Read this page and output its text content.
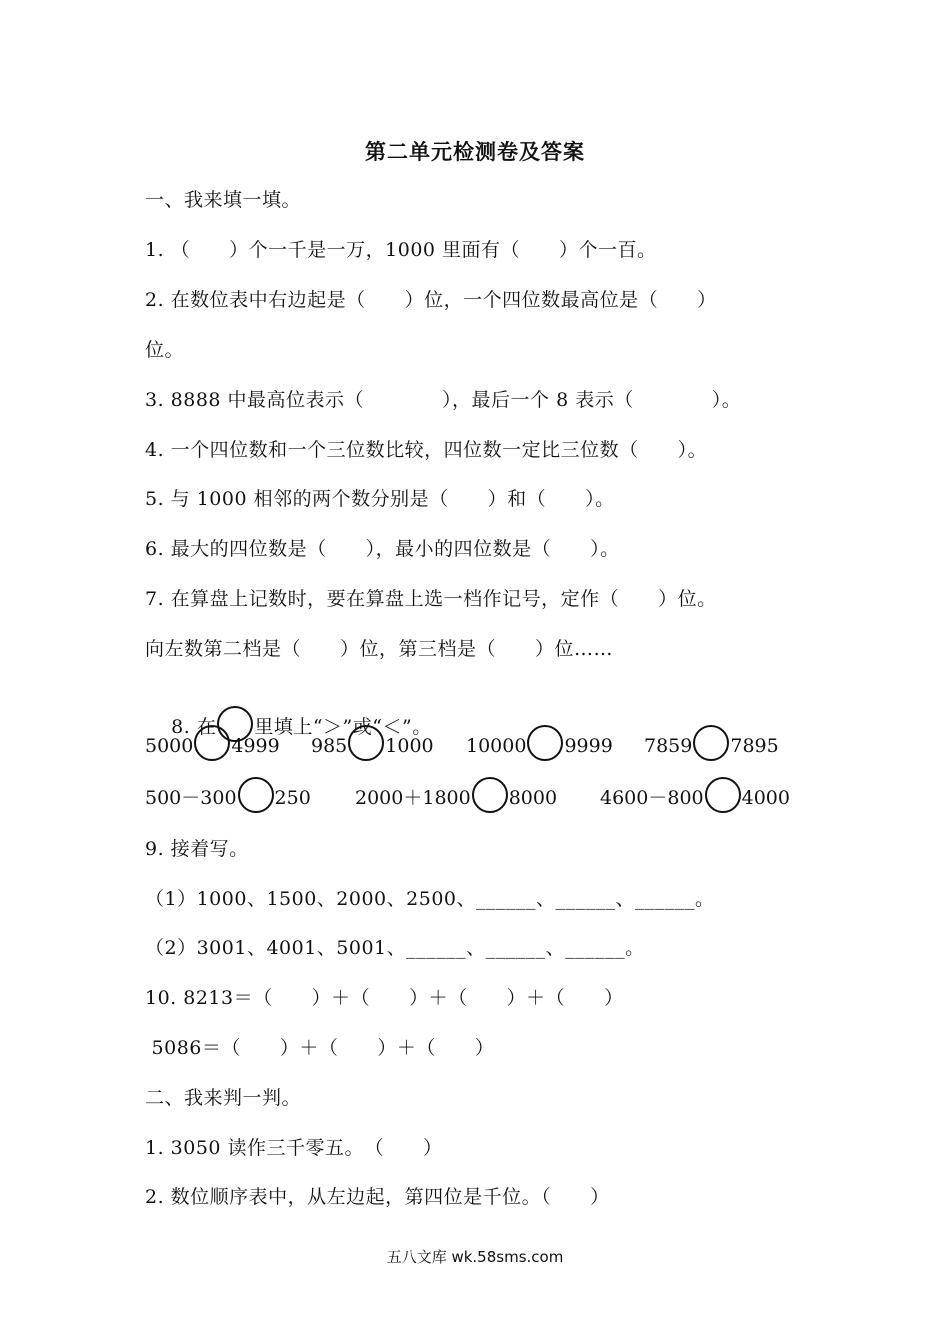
第二单元检测卷及答案
一、我来填一填。
1. （　　）个一千是一万，1000 里面有（　　）个一百。
2. 在数位表中右边起是（　　）位，一个四位数最高位是（　　）
位。
3. 8888 中最高位表示（　　　　），最后一个 8 表示（　　　　）。
4. 一个四位数和一个三位数比较，四位数一定比三位数（　　）。
5. 与 1000 相邻的两个数分别是（　　）和（　　）。
6. 最大的四位数是（　　），最小的四位数是（　　）。
7. 在算盘上记数时，要在算盘上选一档作记号，定作（　　）位。
向左数第二档是（　　）位，第三档是（　　）位……

8. 在 里填上“＞”或“＜”。

5000 4999 985 1000 10000 9999 7859 7895
500－300 250 2000＋1800 8000 4600－800 4000
9. 接着写。
（1）1000、1500、2000、2500、______、______、______。
（2）3001、4001、5001、______、______、______。
10. 8213＝（　　）＋（　　）＋（　　）＋（　　）
5086＝（　　）＋（　　）＋（　　）
二、我来判一判。
1. 3050 读作三千零五。　（　　）
2. 数位顺序表中，从左边起，第四位是千位。（　　）
五八文库 wk.58sms.com
